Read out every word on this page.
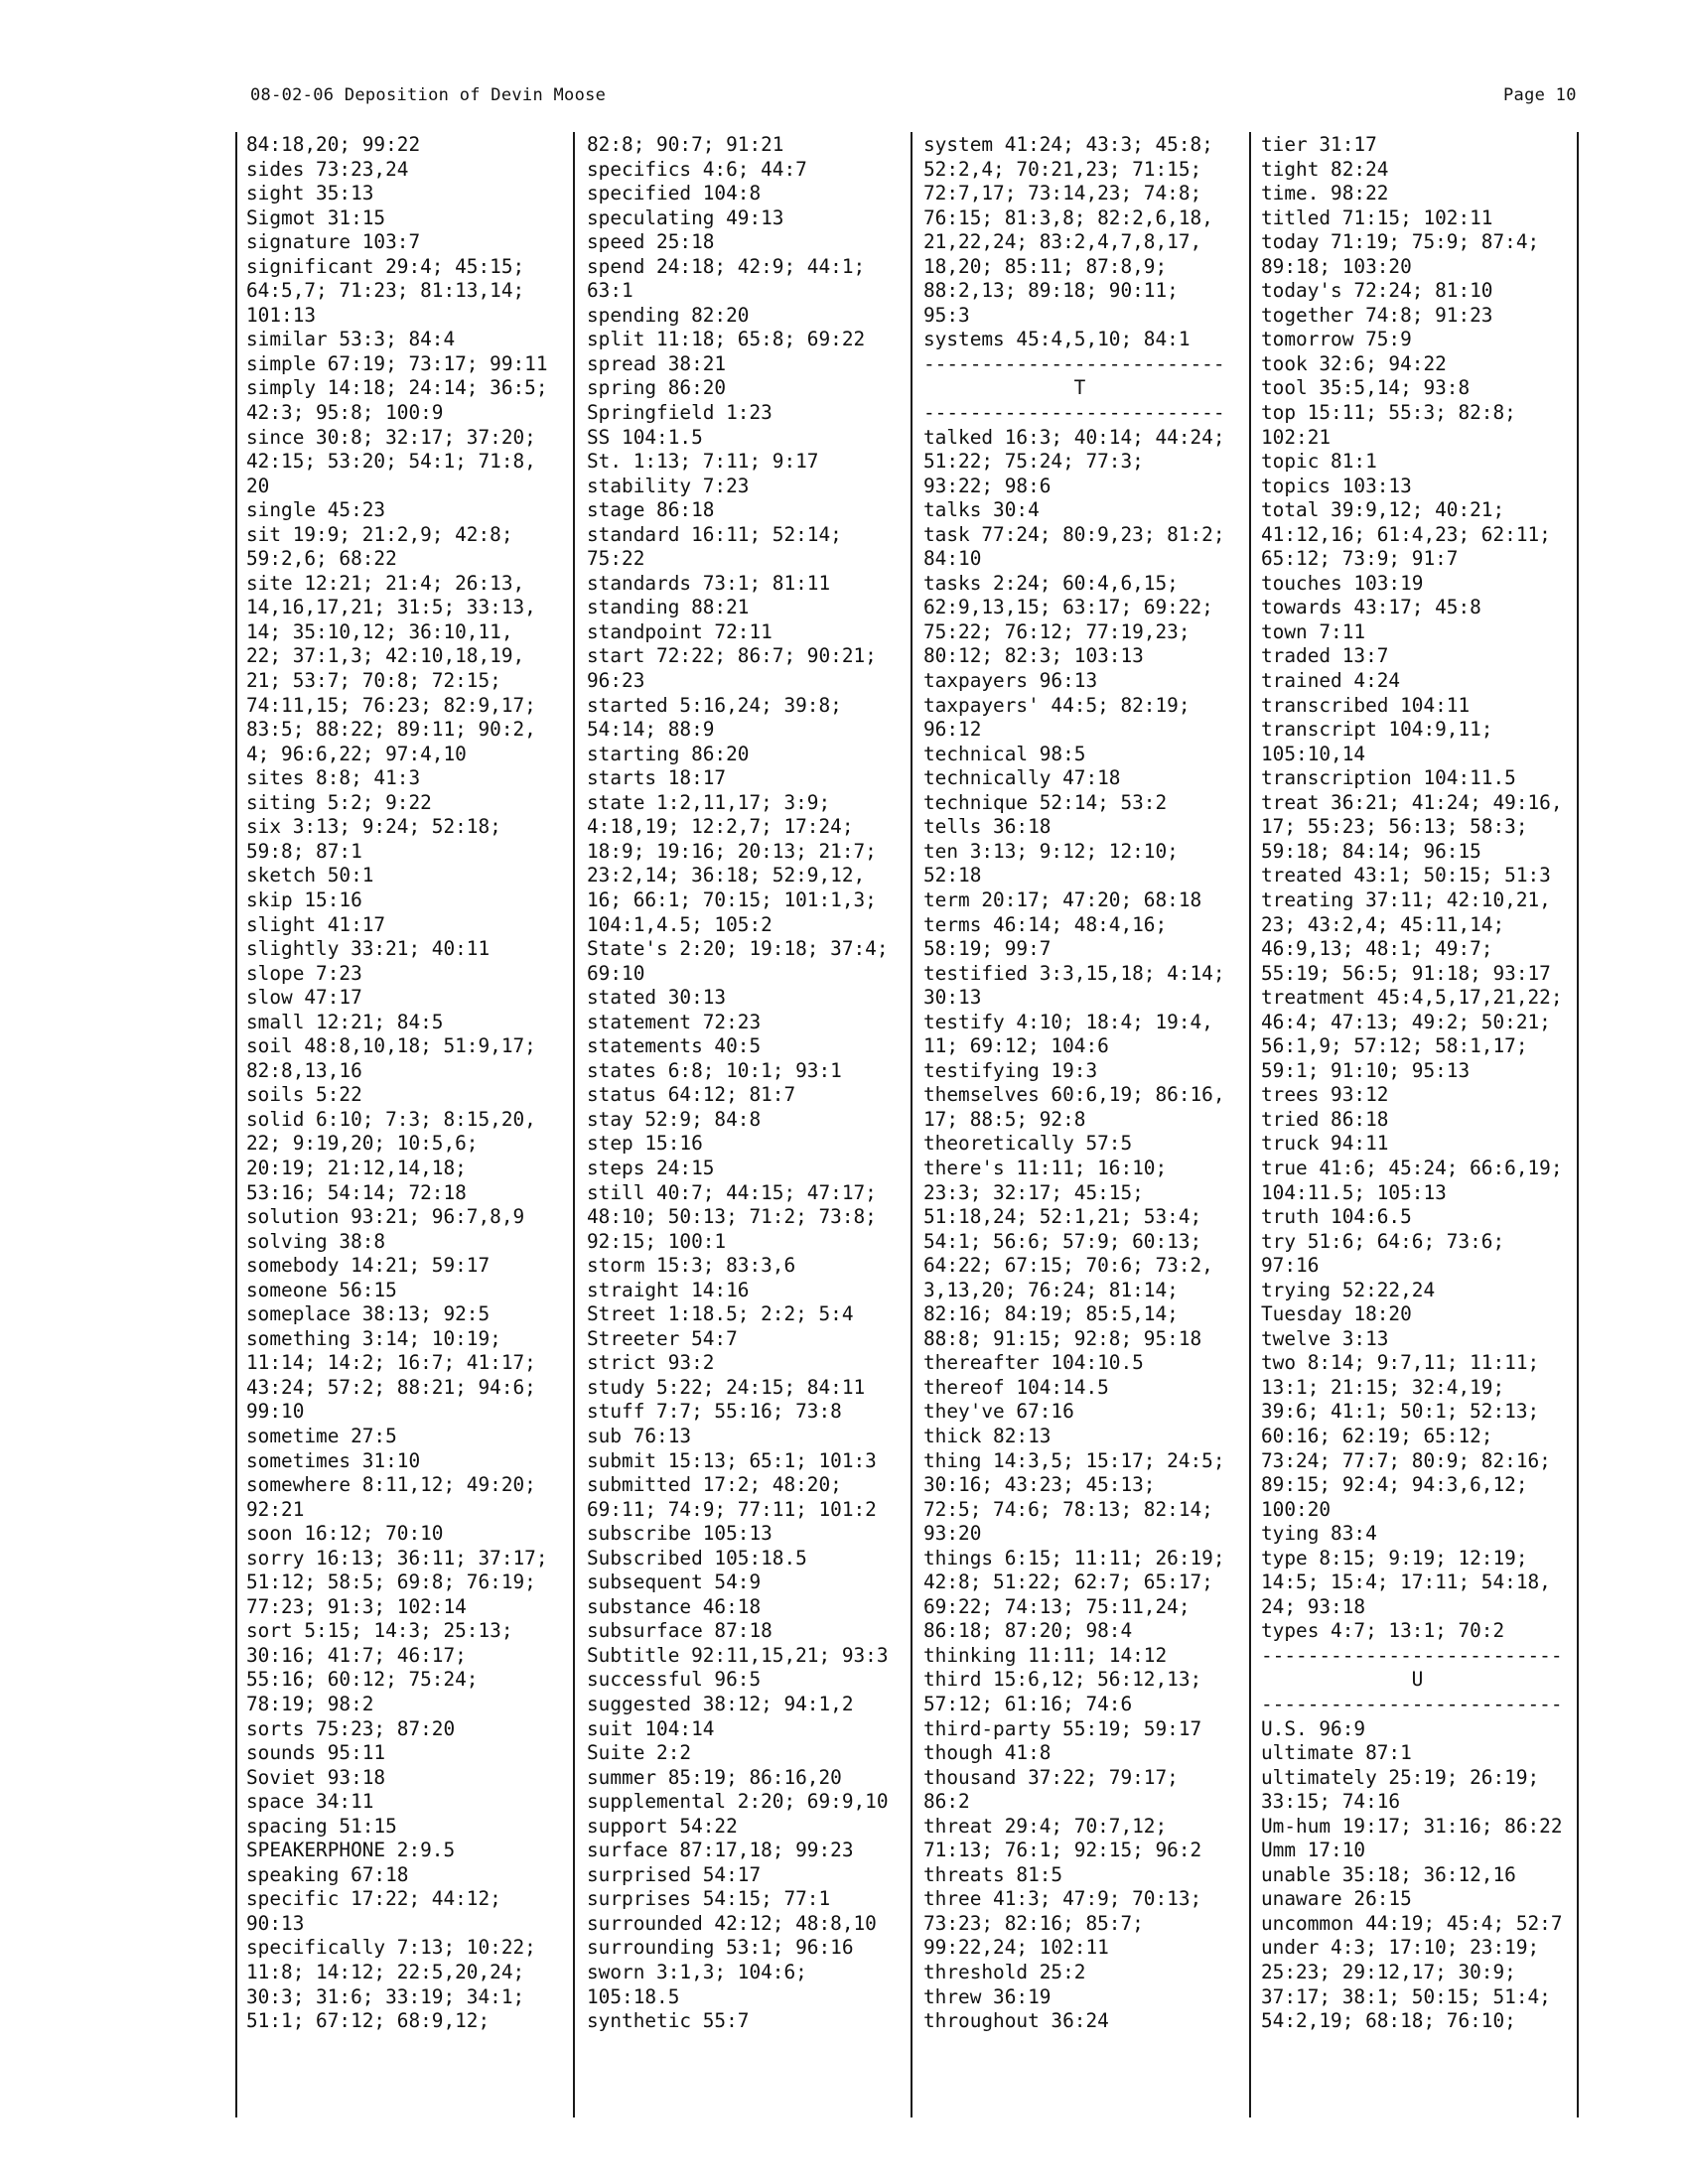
08-02-06 Deposition of Devin Moose	Page 10
84:18,20; 99:22
sides 73:23,24
sight 35:13
Sigmot 31:15
signature 103:7
significant 29:4; 45:15;
64:5,7; 71:23; 81:13,14;
101:13
similar 53:3; 84:4
simple 67:19; 73:17; 99:11
simply 14:18; 24:14; 36:5;
42:3; 95:8; 100:9
since 30:8; 32:17; 37:20;
42:15; 53:20; 54:1; 71:8,
20
single 45:23
sit 19:9; 21:2,9; 42:8;
59:2,6; 68:22
site 12:21; 21:4; 26:13,
14,16,17,21; 31:5; 33:13,
14; 35:10,12; 36:10,11,
22; 37:1,3; 42:10,18,19,
21; 53:7; 70:8; 72:15;
74:11,15; 76:23; 82:9,17;
83:5; 88:22; 89:11; 90:2,
4; 96:6,22; 97:4,10
sites 8:8; 41:3
siting 5:2; 9:22
six 3:13; 9:24; 52:18;
59:8; 87:1
sketch 50:1
skip 15:16
slight 41:17
slightly 33:21; 40:11
slope 7:23
slow 47:17
small 12:21; 84:5
soil 48:8,10,18; 51:9,17;
82:8,13,16
soils 5:22
solid 6:10; 7:3; 8:15,20,
22; 9:19,20; 10:5,6;
20:19; 21:12,14,18;
53:16; 54:14; 72:18
solution 93:21; 96:7,8,9
solving 38:8
somebody 14:21; 59:17
someone 56:15
someplace 38:13; 92:5
something 3:14; 10:19;
11:14; 14:2; 16:7; 41:17;
43:24; 57:2; 88:21; 94:6;
99:10
sometime 27:5
sometimes 31:10
somewhere 8:11,12; 49:20;
92:21
soon 16:12; 70:10
sorry 16:13; 36:11; 37:17;
51:12; 58:5; 69:8; 76:19;
77:23; 91:3; 102:14
sort 5:15; 14:3; 25:13;
30:16; 41:7; 46:17;
55:16; 60:12; 75:24;
78:19; 98:2
sorts 75:23; 87:20
sounds 95:11
Soviet 93:18
space 34:11
spacing 51:15
SPEAKERPHONE 2:9.5
speaking 67:18
specific 17:22; 44:12;
90:13
specifically 7:13; 10:22;
11:8; 14:12; 22:5,20,24;
30:3; 31:6; 33:19; 34:1;
51:1; 67:12; 68:9,12;
82:8; 90:7; 91:21
specifics 4:6; 44:7
specified 104:8
speculating 49:13
speed 25:18
spend 24:18; 42:9; 44:1;
63:1
spending 82:20
split 11:18; 65:8; 69:22
spread 38:21
spring 86:20
Springfield 1:23
SS 104:1.5
St. 1:13; 7:11; 9:17
stability 7:23
stage 86:18
standard 16:11; 52:14;
75:22
standards 73:1; 81:11
standing 88:21
standpoint 72:11
start 72:22; 86:7; 90:21;
96:23
started 5:16,24; 39:8;
54:14; 88:9
starting 86:20
starts 18:17
state 1:2,11,17; 3:9;
4:18,19; 12:2,7; 17:24;
18:9; 19:16; 20:13; 21:7;
23:2,14; 36:18; 52:9,12,
16; 66:1; 70:15; 101:1,3;
104:1,4.5; 105:2
State's 2:20; 19:18; 37:4;
69:10
stated 30:13
statement 72:23
statements 40:5
states 6:8; 10:1; 93:1
status 64:12; 81:7
stay 52:9; 84:8
step 15:16
steps 24:15
still 40:7; 44:15; 47:17;
48:10; 50:13; 71:2; 73:8;
92:15; 100:1
storm 15:3; 83:3,6
straight 14:16
Street 1:18.5; 2:2; 5:4
Streeter 54:7
strict 93:2
study 5:22; 24:15; 84:11
stuff 7:7; 55:16; 73:8
sub 76:13
submit 15:13; 65:1; 101:3
submitted 17:2; 48:20;
69:11; 74:9; 77:11; 101:2
subscribe 105:13
Subscribed 105:18.5
subsequent 54:9
substance 46:18
subsurface 87:18
Subtitle 92:11,15,21; 93:3
successful 96:5
suggested 38:12; 94:1,2
suit 104:14
Suite 2:2
summer 85:19; 86:16,20
supplemental 2:20; 69:9,10
support 54:22
surface 87:17,18; 99:23
surprised 54:17
surprises 54:15; 77:1
surrounded 42:12; 48:8,10
surrounding 53:1; 96:16
sworn 3:1,3; 104:6;
105:18.5
synthetic 55:7
system 41:24; 43:3; 45:8;
52:2,4; 70:21,23; 71:15;
72:7,17; 73:14,23; 74:8;
76:15; 81:3,8; 82:2,6,18,
21,22,24; 83:2,4,7,8,17,
18,20; 85:11; 87:8,9;
88:2,13; 89:18; 90:11;
95:3
systems 45:4,5,10; 84:1
--------------------------
T
--------------------------
talked 16:3; 40:14; 44:24;
51:22; 75:24; 77:3;
93:22; 98:6
talks 30:4
task 77:24; 80:9,23; 81:2;
84:10
tasks 2:24; 60:4,6,15;
62:9,13,15; 63:17; 69:22;
75:22; 76:12; 77:19,23;
80:12; 82:3; 103:13
taxpayers 96:13
taxpayers' 44:5; 82:19;
96:12
technical 98:5
technically 47:18
technique 52:14; 53:2
tells 36:18
ten 3:13; 9:12; 12:10;
52:18
term 20:17; 47:20; 68:18
terms 46:14; 48:4,16;
58:19; 99:7
testified 3:3,15,18; 4:14;
30:13
testify 4:10; 18:4; 19:4,
11; 69:12; 104:6
testifying 19:3
themselves 60:6,19; 86:16,
17; 88:5; 92:8
theoretically 57:5
there's 11:11; 16:10;
23:3; 32:17; 45:15;
51:18,24; 52:1,21; 53:4;
54:1; 56:6; 57:9; 60:13;
64:22; 67:15; 70:6; 73:2,
3,13,20; 76:24; 81:14;
82:16; 84:19; 85:5,14;
88:8; 91:15; 92:8; 95:18
thereafter 104:10.5
thereof 104:14.5
they've 67:16
thick 82:13
thing 14:3,5; 15:17; 24:5;
30:16; 43:23; 45:13;
72:5; 74:6; 78:13; 82:14;
93:20
things 6:15; 11:11; 26:19;
42:8; 51:22; 62:7; 65:17;
69:22; 74:13; 75:11,24;
86:18; 87:20; 98:4
thinking 11:11; 14:12
third 15:6,12; 56:12,13;
57:12; 61:16; 74:6
third-party 55:19; 59:17
though 41:8
thousand 37:22; 79:17;
86:2
threat 29:4; 70:7,12;
71:13; 76:1; 92:15; 96:2
threats 81:5
three 41:3; 47:9; 70:13;
73:23; 82:16; 85:7;
99:22,24; 102:11
threshold 25:2
threw 36:19
throughout 36:24
tier 31:17
tight 82:24
time. 98:22
titled 71:15; 102:11
today 71:19; 75:9; 87:4;
89:18; 103:20
today's 72:24; 81:10
together 74:8; 91:23
tomorrow 75:9
took 32:6; 94:22
tool 35:5,14; 93:8
top 15:11; 55:3; 82:8;
102:21
topic 81:1
topics 103:13
total 39:9,12; 40:21;
41:12,16; 61:4,23; 62:11;
65:12; 73:9; 91:7
touches 103:19
towards 43:17; 45:8
town 7:11
traded 13:7
trained 4:24
transcribed 104:11
transcript 104:9,11;
105:10,14
transcription 104:11.5
treat 36:21; 41:24; 49:16,
17; 55:23; 56:13; 58:3;
59:18; 84:14; 96:15
treated 43:1; 50:15; 51:3
treating 37:11; 42:10,21,
23; 43:2,4; 45:11,14;
46:9,13; 48:1; 49:7;
55:19; 56:5; 91:18; 93:17
treatment 45:4,5,17,21,22;
46:4; 47:13; 49:2; 50:21;
56:1,9; 57:12; 58:1,17;
59:1; 91:10; 95:13
trees 93:12
tried 86:18
truck 94:11
true 41:6; 45:24; 66:6,19;
104:11.5; 105:13
truth 104:6.5
try 51:6; 64:6; 73:6;
97:16
trying 52:22,24
Tuesday 18:20
twelve 3:13
two 8:14; 9:7,11; 11:11;
13:1; 21:15; 32:4,19;
39:6; 41:1; 50:1; 52:13;
60:16; 62:19; 65:12;
73:24; 77:7; 80:9; 82:16;
89:15; 92:4; 94:3,6,12;
100:20
tying 83:4
type 8:15; 9:19; 12:19;
14:5; 15:4; 17:11; 54:18,
24; 93:18
types 4:7; 13:1; 70:2
--------------------------
U
--------------------------
U.S. 96:9
ultimate 87:1
ultimately 25:19; 26:19;
33:15; 74:16
Um-hum 19:17; 31:16; 86:22
Umm 17:10
unable 35:18; 36:12,16
unaware 26:15
uncommon 44:19; 45:4; 52:7
under 4:3; 17:10; 23:19;
25:23; 29:12,17; 30:9;
37:17; 38:1; 50:15; 51:4;
54:2,19; 68:18; 76:10;
